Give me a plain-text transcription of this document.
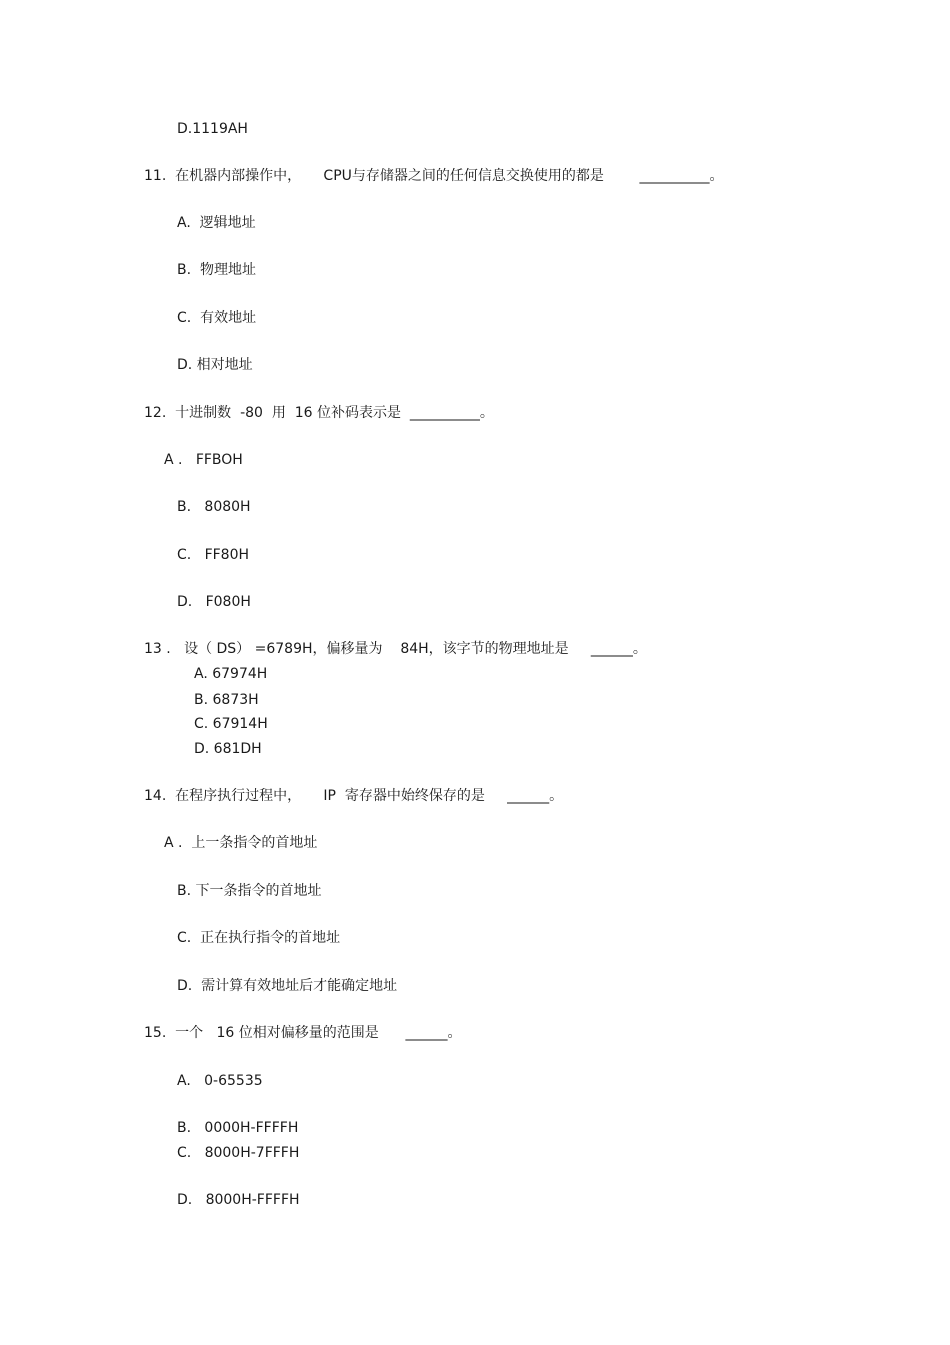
D.1119AH
11.  在机器内部操作中，     CPU与存储器之间的任何信息交换使用的都是        __________。
A.  逻辑地址
B.  物理地址
C.  有效地址
D. 相对地址
12.  十进制数  -80  用  16 位补码表示是  __________。
A .   FFBOH
B.   8080H
C.   FF80H
D.   F080H
13 .   设（ DS） =6789H，偏移量为    84H，该字节的物理地址是     ______。
A. 67974H
B. 6873H
C. 67914H
D. 681DH
14.  在程序执行过程中，     IP  寄存器中始终保存的是     ______。
A .  上一条指令的首地址
B. 下一条指令的首地址
C.  正在执行指令的首地址
D.  需计算有效地址后才能确定地址
15.  一个   16 位相对偏移量的范围是      ______。
A.   0-65535
B.   0000H-FFFFH
C.   8000H-7FFFH
D.   8000H-FFFFH
